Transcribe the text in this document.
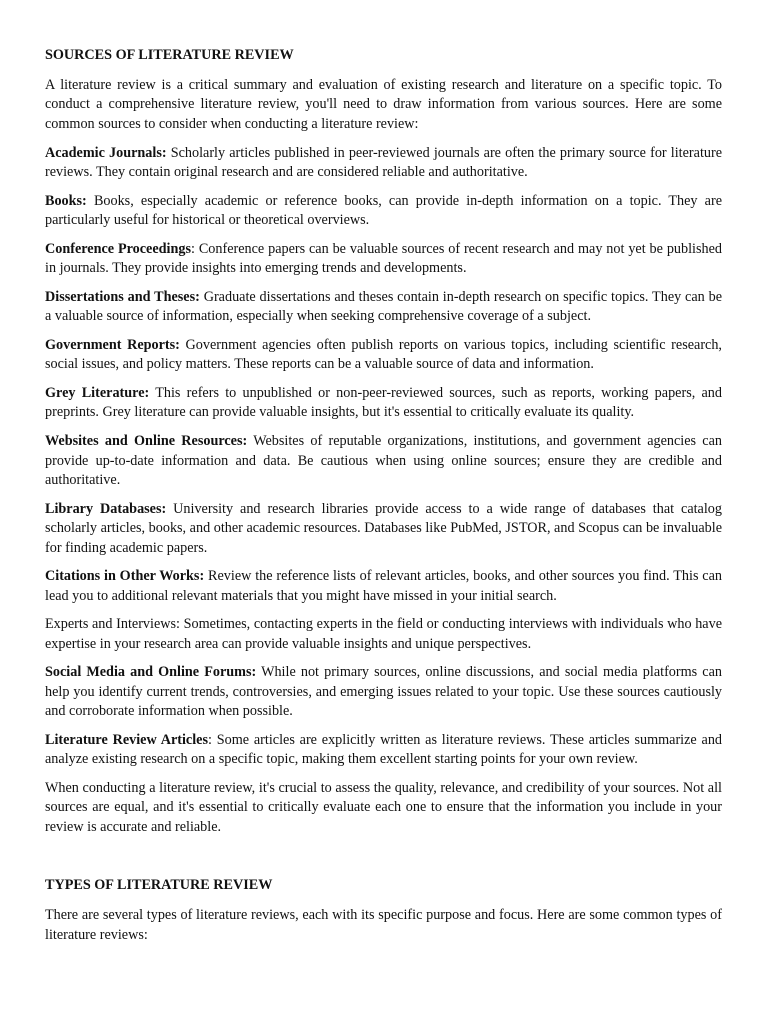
SOURCES OF LITERATURE REVIEW

A literature review is a critical summary and evaluation of existing research and literature on a specific topic. To conduct a comprehensive literature review, you'll need to draw information from various sources. Here are some common sources to consider when conducting a literature review:

Academic Journals: Scholarly articles published in peer-reviewed journals are often the primary source for literature reviews. They contain original research and are considered reliable and authoritative.

Books: Books, especially academic or reference books, can provide in-depth information on a topic. They are particularly useful for historical or theoretical overviews.

Conference Proceedings: Conference papers can be valuable sources of recent research and may not yet be published in journals. They provide insights into emerging trends and developments.

Dissertations and Theses: Graduate dissertations and theses contain in-depth research on specific topics. They can be a valuable source of information, especially when seeking comprehensive coverage of a subject.

Government Reports: Government agencies often publish reports on various topics, including scientific research, social issues, and policy matters. These reports can be a valuable source of data and information.

Grey Literature: This refers to unpublished or non-peer-reviewed sources, such as reports, working papers, and preprints. Grey literature can provide valuable insights, but it's essential to critically evaluate its quality.

Websites and Online Resources: Websites of reputable organizations, institutions, and government agencies can provide up-to-date information and data. Be cautious when using online sources; ensure they are credible and authoritative.

Library Databases: University and research libraries provide access to a wide range of databases that catalog scholarly articles, books, and other academic resources. Databases like PubMed, JSTOR, and Scopus can be invaluable for finding academic papers.

Citations in Other Works: Review the reference lists of relevant articles, books, and other sources you find. This can lead you to additional relevant materials that you might have missed in your initial search.

Experts and Interviews: Sometimes, contacting experts in the field or conducting interviews with individuals who have expertise in your research area can provide valuable insights and unique perspectives.

Social Media and Online Forums: While not primary sources, online discussions, and social media platforms can help you identify current trends, controversies, and emerging issues related to your topic. Use these sources cautiously and corroborate information when possible.

Literature Review Articles: Some articles are explicitly written as literature reviews. These articles summarize and analyze existing research on a specific topic, making them excellent starting points for your own review.

When conducting a literature review, it's crucial to assess the quality, relevance, and credibility of your sources. Not all sources are equal, and it's essential to critically evaluate each one to ensure that the information you include in your review is accurate and reliable.

TYPES OF LITERATURE REVIEW

There are several types of literature reviews, each with its specific purpose and focus. Here are some common types of literature reviews:
